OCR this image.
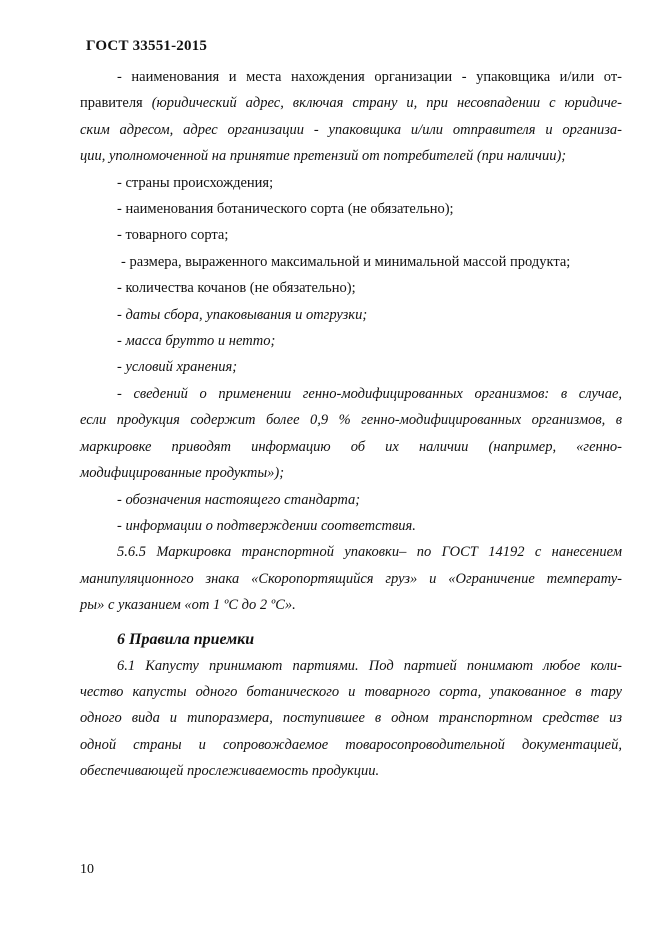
ГОСТ 33551-2015

- наименования и места нахождения организации - упаковщика и/или от-

правителя (юридический адрес, включая страну и, при несовпадении с юридиче-

ским адресом, адрес организации - упаковщика и/или отправителя и организа-

ции, уполномоченной на принятие претензий от потребителей (при наличии);

- страны происхождения;

- наименования ботанического сорта (не обязательно);

- товарного сорта;

- размера, выраженного максимальной и минимальной массой продукта;

- количества кочанов (не обязательно);

- даты сбора, упаковывания и отгрузки;

- масса брутто и нетто;

- условий хранения;

- сведений о применении генно-модифицированных организмов: в случае,

если продукция содержит более 0,9 % генно-модифицированных организмов, в

маркировке приводят информацию об их наличии (например, «генно-

модифицированные продукты»);

- обозначения настоящего стандарта;

- информации о подтверждении соответствия.

5.6.5 Маркировка транспортной упаковки– по ГОСТ 14192 с нанесением

манипуляционного знака «Скоропортящийся груз» и «Ограничение температу-

ры» с указанием «от 1 ºС до 2 ºС».

6 Правила приемки

6.1 Капусту принимают партиями. Под партией понимают любое коли-

чество капусты одного ботанического и товарного сорта, упакованное в тару

одного вида и типоразмера, поступившее в одном транспортном средстве из

одной страны и сопровождаемое товаросопроводительной документацией,

обеспечивающей прослеживаемость продукции.

10
